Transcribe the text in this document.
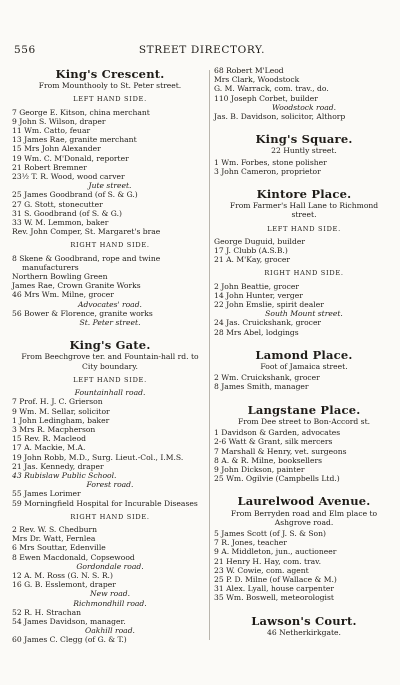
556	STREET DIRECTORY.
King's Crescent.
From Mounthooly to St. Peter street.
LEFT HAND SIDE.
7 George E. Kitson, china merchant
9 John S. Wilson, draper
11 Wm. Catto, feuar
13 James Rae, granite merchant
15 Mrs John Alexander
19 Wm. C. M'Donald, reporter
21 Robert Bremner
23½ T. R. Wood, wood carver
Jute street.
25 James Goodbrand (of S. & G.)
27 G. Stott, stonecutter
31 S. Goodbrand (of S. & G.)
33 W. M. Lemmon, baker
Rev. John Comper, St. Margaret's brae
RIGHT HAND SIDE.
8 Skene & Goodbrand, rope and twine manufacturers
Northern Bowling Green
James Rae, Crown Granite Works
46 Mrs Wm. Milne, grocer
Advocates' road.
56 Bower & Florence, granite works
St. Peter street.
King's Gate.
From Beechgrove ter. and Fountain-hall rd. to City boundary.
LEFT HAND SIDE.
Fountainhall road.
7 Prof. H. J. C. Grierson
9 Wm. M. Sellar, solicitor
1 John Ledingham, baker
3 Mrs R. Macpherson
15 Rev. R. Macleod
17 A. Mackie, M.A.
19 John Robb, M.D., Surg. Lieut.-Col., I.M.S.
21 Jas. Kennedy, draper
43 Rubislaw Public School.
Forest road.
55 James Lorimer
59 Morningfield Hospital for Incurable Diseases
RIGHT HAND SIDE.
2 Rev. W. S. Chedburn
Mrs Dr. Watt, Fernlea
6 Mrs Souttar, Edenville
8 Ewen Macdonald, Copsewood
Gordondale road.
12 A. M. Ross (G. N. S. R.)
16 G. B. Esslemont, draper
New road.
Richmondhill road.
52 R. H. Strachan
54 James Davidson, manager.
Oakhill road.
60 James C. Clegg (of G. & T.)
68 Robert M'Leod
Mrs Clark, Woodstock
G. M. Warrack, com. trav., do.
110 Joseph Corbet, builder
Woodstock road.
Jas. B. Davidson, solicitor, Althorp
King's Square.
22 Huntly street.
1 Wm. Forbes, stone polisher
3 John Cameron, proprietor
Kintore Place.
From Farmer's Hall Lane to Richmond street.
LEFT HAND SIDE.
George Duguid, builder
17 J. Clubb (A.S.B.)
21 A. M'Kay, grocer
RIGHT HAND SIDE.
2 John Beattie, grocer
14 John Hunter, verger
22 John Emslie, spirit dealer
South Mount street.
24 Jas. Cruickshank, grocer
28 Mrs Abel, lodgings
Lamond Place.
Foot of Jamaica street.
2 Wm. Cruickshank, grocer
8 James Smith, manager
Langstane Place.
From Dee street to Bon-Accord st.
1 Davidson & Garden, advocates
2-6 Watt & Grant, silk mercers
7 Marshall & Henry, vet. surgeons
8 A. & R. Milne, booksellers
9 John Dickson, painter
25 Wm. Ogilvie (Campbells Ltd.)
Laurelwood Avenue.
From Berryden road and Elm place to Ashgrove road.
5 James Scott (of J. S. & Son)
7 R. Jones, teacher
9 A. Middleton, jun., auctioneer
21 Henry H. Hay, com. trav.
23 W. Cowie, com. agent
25 P. D. Milne (of Wallace & M.)
31 Alex. Lyall, house carpenter
35 Wm. Boswell, meteorologist
Lawson's Court.
46 Netherkirkgate.
